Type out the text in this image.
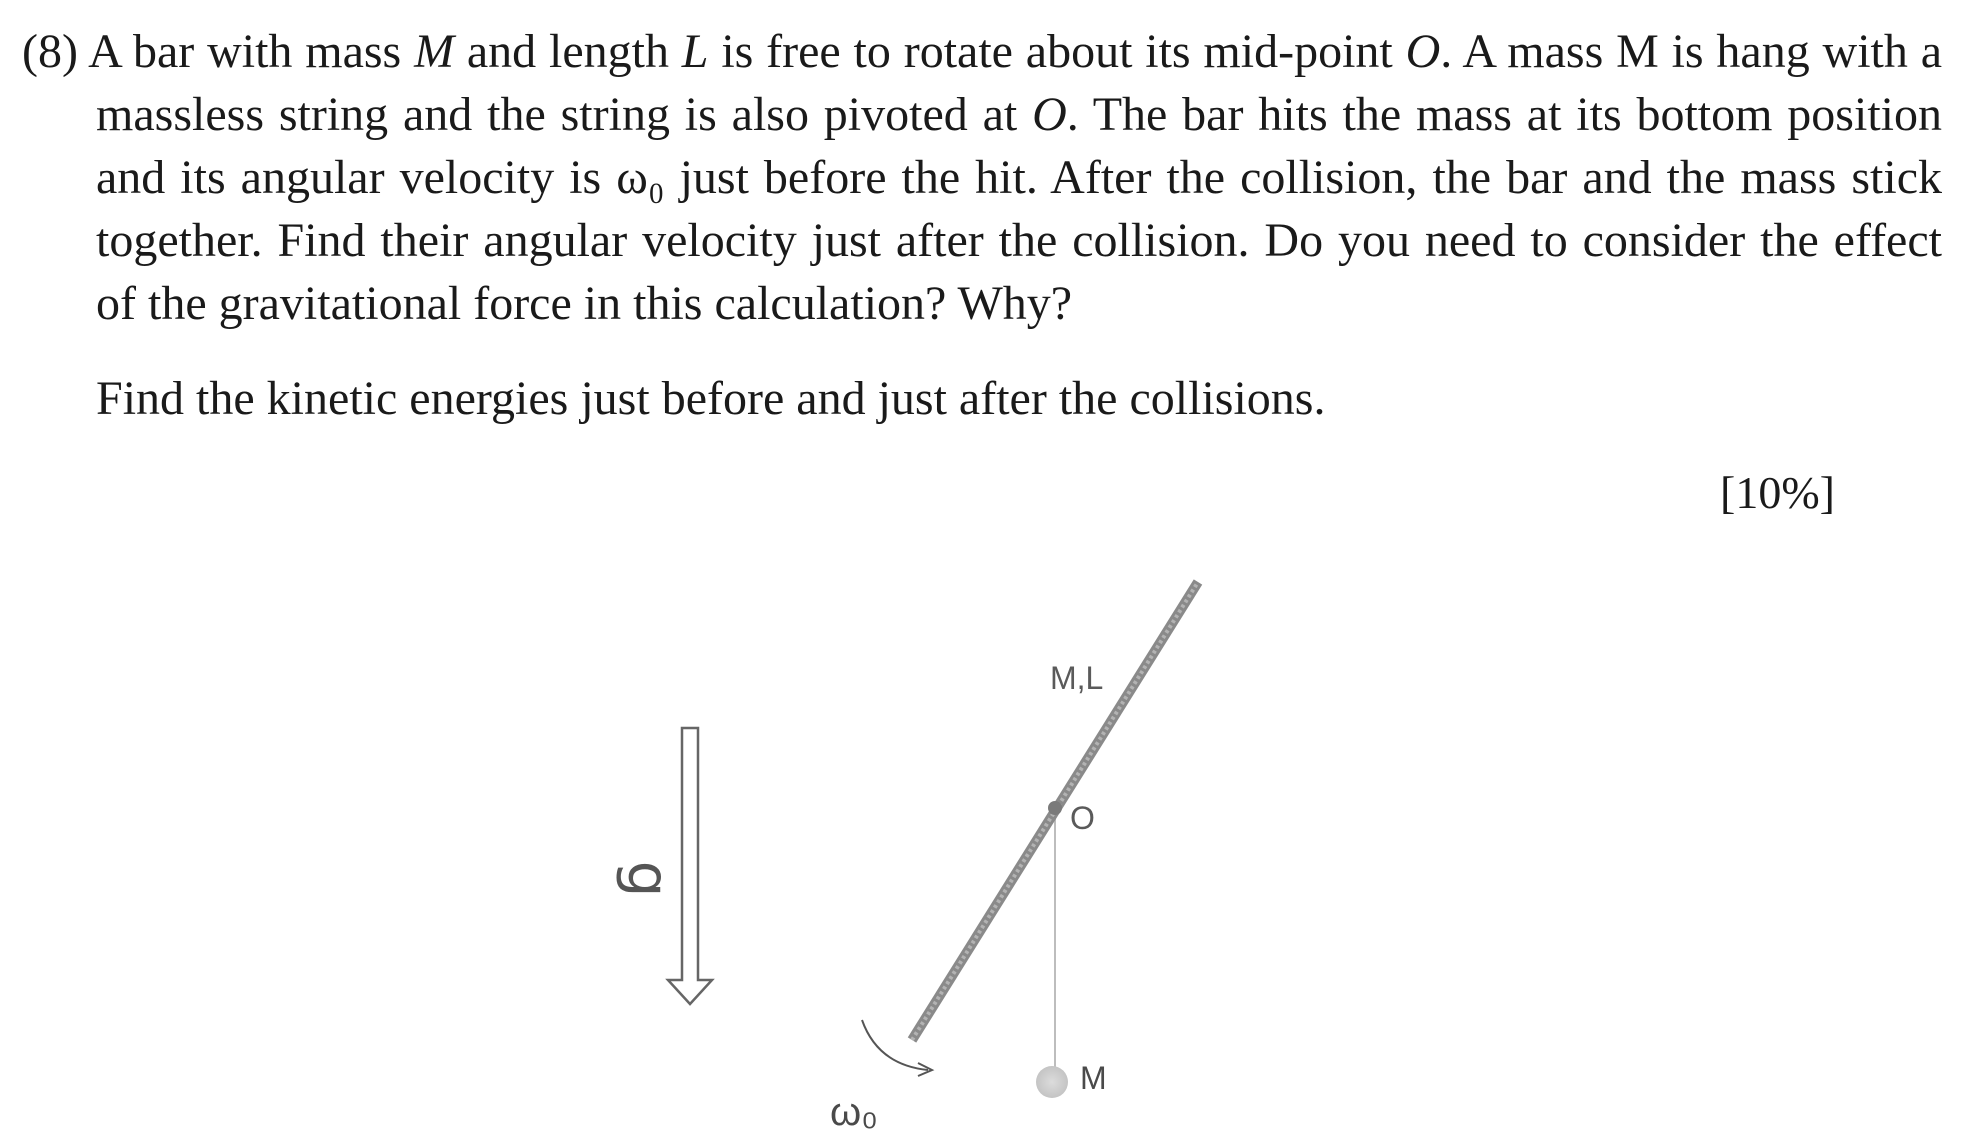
(8) A bar with mass M and length L is free to rotate about its mid-point O. A mass M is hang with a massless string and the string is also pivoted at O. The bar hits the mass at its bottom position and its angular velocity is ω₀ just before the hit. After the collision, the bar and the mass stick together. Find their angular velocity just after the collision. Do you need to consider the effect of the gravitational force in this calculation? Why?

Find the kinetic energies just before and just after the collisions.

[10%]
M,L
O
M
ω₀
g
